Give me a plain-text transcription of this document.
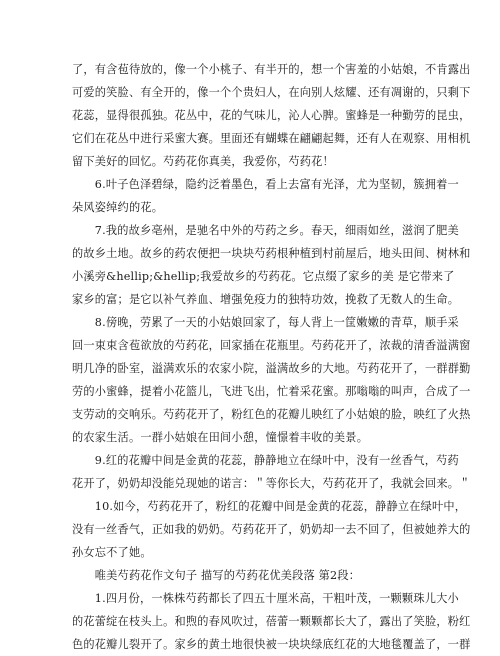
了，有含苞待放的，像一个小桃子、有半开的，想一个害羞的小姑娘，不肯露出

可爱的笑脸、有全开的，像一个个贵妇人，在向别人炫耀、还有凋谢的，只剩下

花蕊，显得很孤独。花丛中，花的气味儿，沁人心脾。蜜蜂是一种勤劳的昆虫，

它们在花丛中进行采蜜大赛。里面还有蝴蝶在翩翩起舞，还有人在观察、用相机

留下美好的回忆。芍药花你真美，我爱你，芍药花！

　　6.叶子色泽碧绿，隐约泛着墨色，看上去富有光泽，尤为坚韧，簇拥着一

朵风姿绰约的花。

　　7.我的故乡亳州，是驰名中外的芍药之乡。春天，细雨如丝，滋润了肥美

的故乡土地。故乡的药农便把一块块芍药根种植到村前屋后，地头田间、树林和

小溪旁&hellip;&hellip;我爱故乡的芍药花。它点缀了家乡的美 是它带来了

家乡的富；是它以补气养血、增强免疫力的独特功效，挽救了无数人的生命。

　　8.傍晚，劳累了一天的小姑娘回家了，每人背上一筐嫩嫩的青草，顺手采

回一束束含苞欲放的芍药花，回家插在花瓶里。芍药花开了，浓裁的清香溢满窗

明几净的卧室，溢满欢乐的农家小院，溢满故乡的大地。芍药花开了，一群群勤

劳的小蜜蜂，提着小花篮儿，飞进飞出，忙着采花蜜。那嗡嗡的叫声，合成了一

支劳动的交响乐。芍药花开了，粉红色的花瓣儿映红了小姑娘的脸，映红了火热

的农家生活。一群小姑娘在田间小憩，憧憬着丰收的美景。

　　9.红的花瓣中间是金黄的花蕊，静静地立在绿叶中，没有一丝香气，芍药

花开了，奶奶却没能兑现她的诺言：＂等你长大，芍药花开了，我就会回来。＂

　　10.如今，芍药花开了，粉红的花瓣中间是金黄的花蕊，静静立在绿叶中，

没有一丝香气，正如我的奶奶。芍药花开了，奶奶却一去不回了，但被她养大的

孙女忘不了她。

　　唯美芍药花作文句子 描写的芍药花优美段落 第2段：

　　1.四月份，一株株芍药都长了四五十厘米高，干粗叶茂，一颗颗珠儿大小

的花蕾绽在枝头上。和煦的春风吹过，蓓蕾一颗颗都长大了，露出了笑脸，粉红

色的花瓣儿裂开了。家乡的黄土地很快被一块块绿底红花的大地毯覆盖了，一群
